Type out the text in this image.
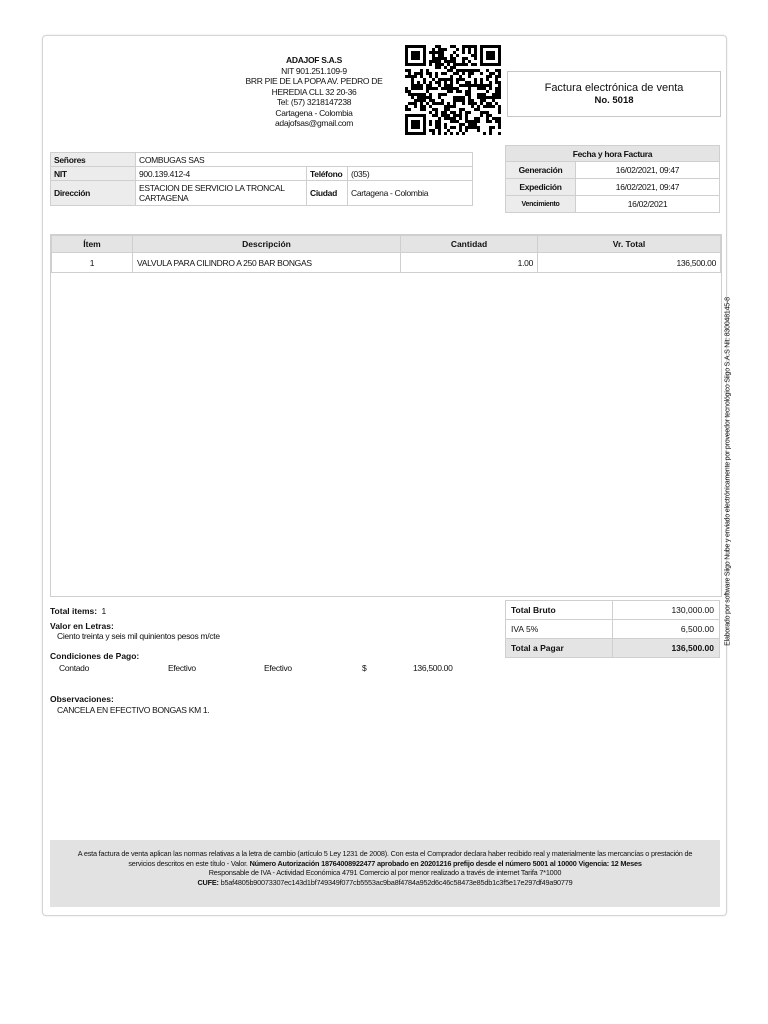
ADAJOF S.A.S
NIT 901.251.109-9
BRR PIE DE LA POPA AV. PEDRO DE
HEREDIA CLL 32 20-36
Tel: (57) 3218147238
Cartagena - Colombia
adajofsas@gmail.com
Factura electrónica de venta
No. 5018
Señores	COMBUGAS SAS		
NIT	900.139.412-4	Teléfono	(035)
Dirección	ESTACION DE SERVICIO LA TRONCAL CARTAGENA	Ciudad	Cartagena - Colombia
Fecha y hora Factura	
Generación	16/02/2021, 09:47
Expedición	16/02/2021, 09:47
Vencimiento	16/02/2021
Ítem	Descripción	Cantidad	Vr. Total
1	VALVULA PARA CILINDRO A 250 BAR BONGAS	1.00	136,500.00
Elaborado por software Siigo Nube y enviado electrónicamente por proveedor tecnológico Siigo S.A.S Nit: 830048145-8
Total items: 1
Valor en Letras:
Ciento treinta y seis mil quinientos pesos m/cte
Condiciones de Pago:
Contado	Efectivo	Efectivo	$	136,500.00
Observaciones:
CANCELA EN EFECTIVO BONGAS KM 1.
Total Bruto	130,000.00
IVA 5%	6,500.00
Total a Pagar	136,500.00
A esta factura de venta aplican las normas relativas a la letra de cambio (artículo 5 Ley 1231 de 2008). Con esta el Comprador declara haber recibido real y materialmente las mercancías o prestación de servicios descritos en este título - Valor. Número Autorización 18764008922477 aprobado en 20201216 prefijo desde el número 5001 al 10000 Vigencia: 12 Meses
Responsable de IVA - Actividad Económica 4791 Comercio al por menor realizado a través de internet Tarifa 7*1000
CUFE: b5af4805b90073307ec143d1bf749349f077cb5553ac9ba8f4784a952d6c46c58473e85db1c3f5e17e297df49a90779
